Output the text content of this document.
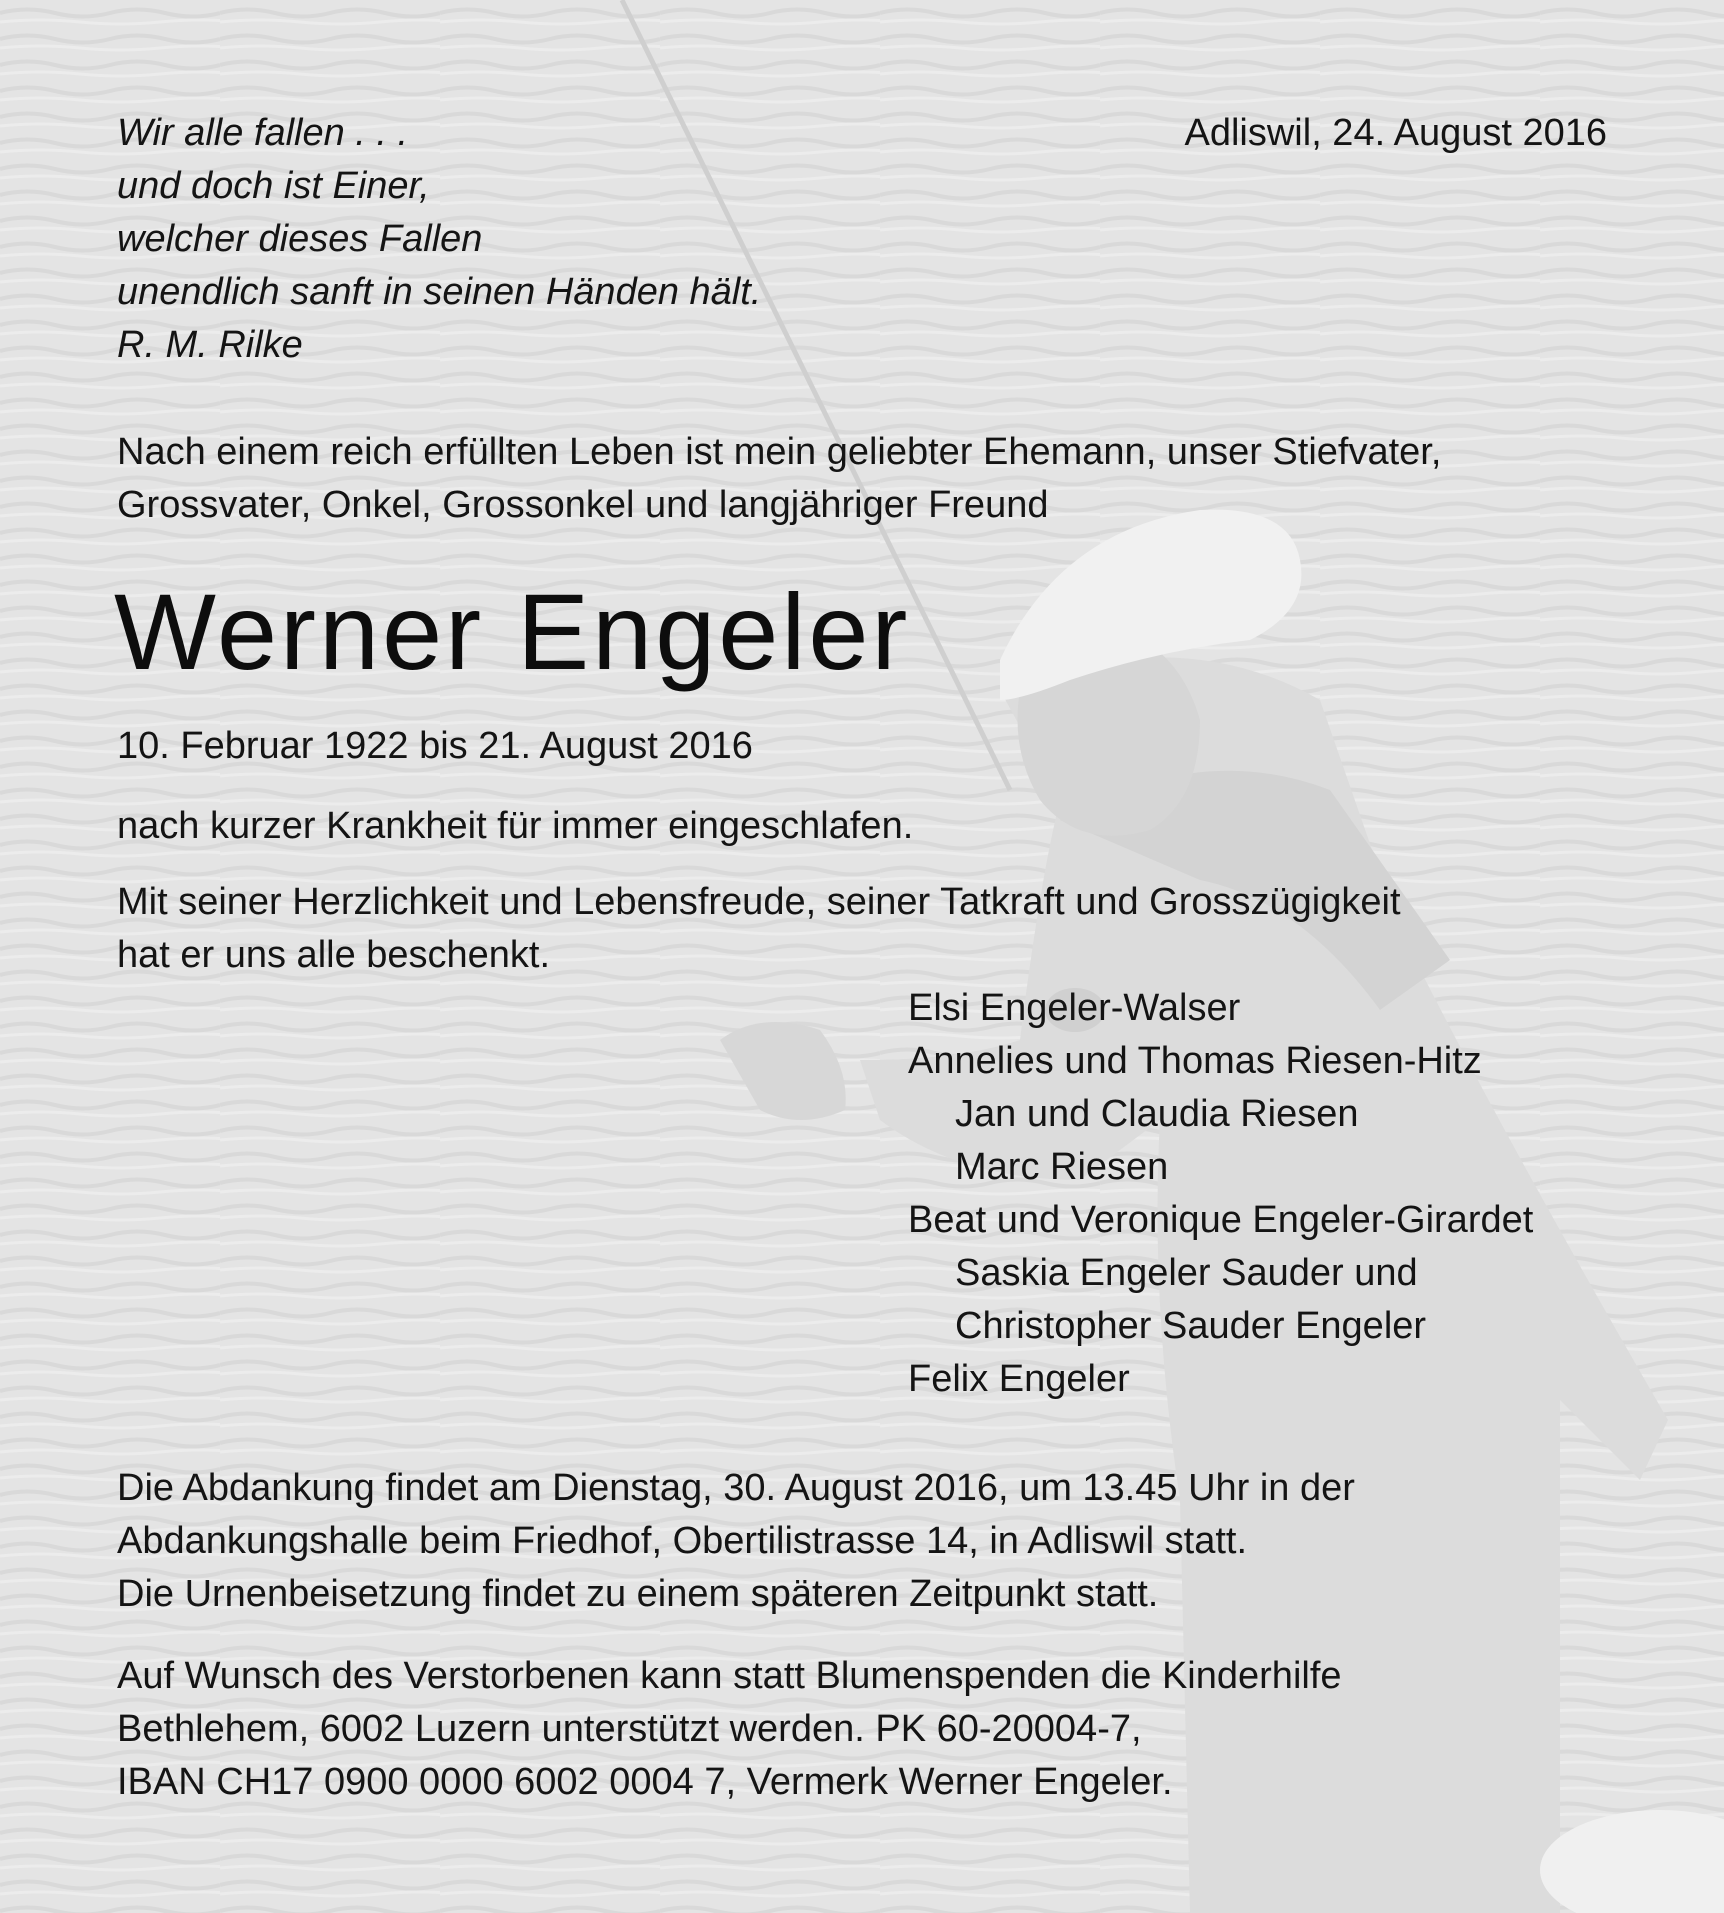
Wir alle fallen . . .
und doch ist Einer,
welcher dieses Fallen
unendlich sanft in seinen Händen hält.
R. M. Rilke
Adliswil, 24. August 2016
Nach einem reich erfüllten Leben ist mein geliebter Ehemann, unser Stiefvater,
Grossvater, Onkel, Grossonkel und langjähriger Freund
Werner Engeler
10. Februar 1922 bis 21. August 2016
nach kurzer Krankheit für immer eingeschlafen.
Mit seiner Herzlichkeit und Lebensfreude, seiner Tatkraft und Grosszügigkeit
hat er uns alle beschenkt.
Elsi Engeler-Walser
Annelies und Thomas Riesen-Hitz
Jan und Claudia Riesen
Marc Riesen
Beat und Veronique Engeler-Girardet
Saskia Engeler Sauder und
Christopher Sauder Engeler
Felix Engeler
Die Abdankung findet am Dienstag, 30. August 2016, um 13.45 Uhr in der
Abdankungshalle beim Friedhof, Obertilistrasse 14, in Adliswil statt.
Die Urnenbeisetzung findet zu einem späteren Zeitpunkt statt.
Auf Wunsch des Verstorbenen kann statt Blumenspenden die Kinderhilfe
Bethlehem, 6002 Luzern unterstützt werden. PK 60-20004-7,
IBAN CH17 0900 0000 6002 0004 7, Vermerk Werner Engeler.
